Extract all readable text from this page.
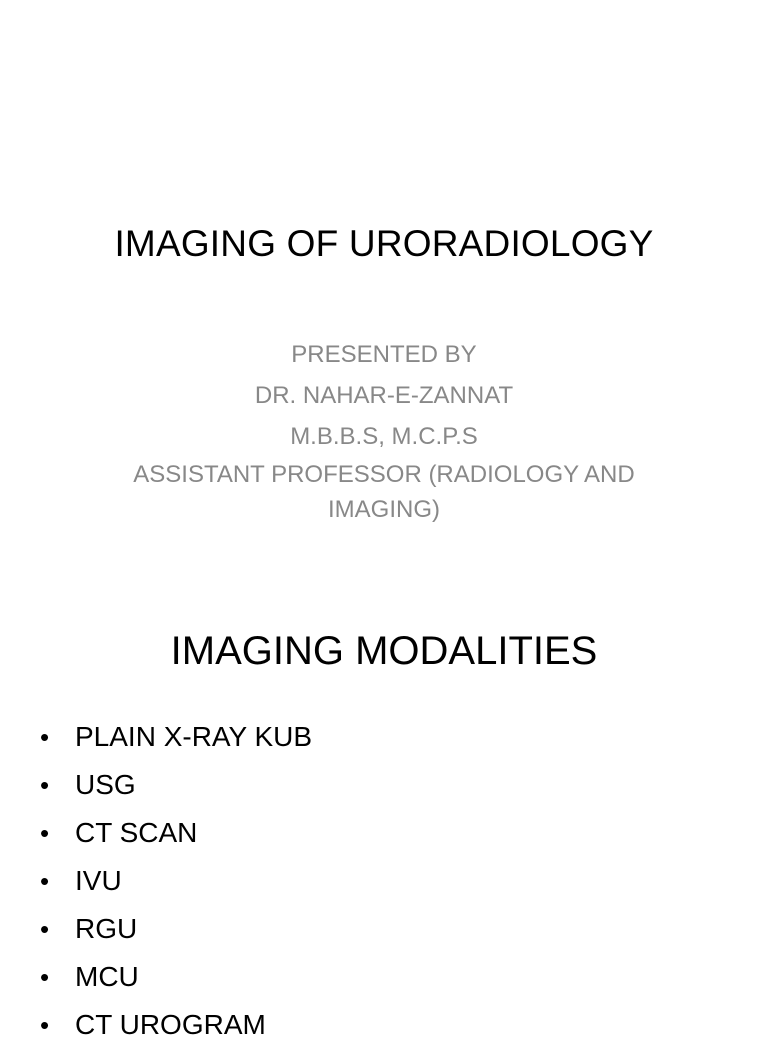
IMAGING OF URORADIOLOGY
PRESENTED BY
DR. NAHAR-E-ZANNAT
M.B.B.S, M.C.P.S
ASSISTANT PROFESSOR (RADIOLOGY AND
IMAGING)
IMAGING MODALITIES
• PLAIN X-RAY KUB
• USG
• CT SCAN
• IVU
• RGU
• MCU
• CT UROGRAM
